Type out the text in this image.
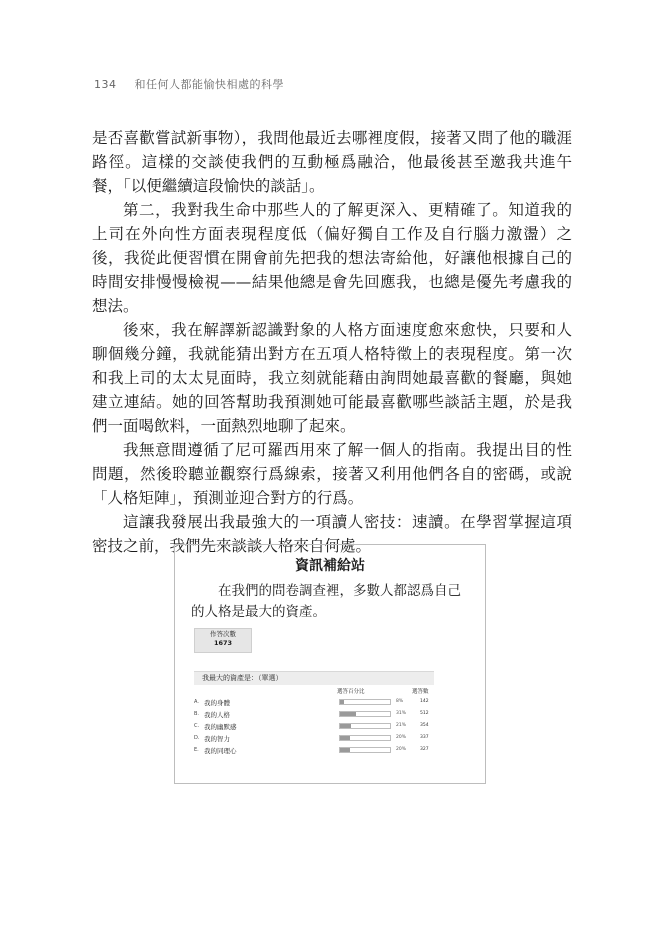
134 和任何人都能愉快相處的科學

是否喜歡嘗試新事物），我問他最近去哪裡度假，接著又問了他的職涯路徑。這樣的交談使我們的互動極爲融洽，他最後甚至邀我共進午餐，「以便繼續這段愉快的談話」。

第二，我對我生命中那些人的了解更深入、更精確了。知道我的上司在外向性方面表現程度低（偏好獨自工作及自行腦力激盪）之後，我從此便習慣在開會前先把我的想法寄給他，好讓他根據自己的時間安排慢慢檢視——結果他總是會先回應我，也總是優先考慮我的想法。

後來，我在解譯新認識對象的人格方面速度愈來愈快，只要和人聊個幾分鐘，我就能猜出對方在五項人格特徵上的表現程度。第一次和我上司的太太見面時，我立刻就能藉由詢問她最喜歡的餐廳，與她建立連結。她的回答幫助我預測她可能最喜歡哪些談話主題，於是我們一面喝飲料，一面熱烈地聊了起來。

我無意間遵循了尼可羅西用來了解一個人的指南。我提出目的性問題，然後聆聽並觀察行爲線索，接著又利用他們各自的密碼，或說「人格矩陣」，預測並迎合對方的行爲。

這讓我發展出我最強大的一項讀人密技：速讀。在學習掌握這項密技之前，我們先來談談人格來自何處。

資訊補給站

在我們的問卷調查裡，多數人都認爲自己的人格是最大的資產。

作答次數
1673
我最大的資產是：（單選）
選答百分比	選答數
A. 我的身體	8%	142
B. 我的人格	31%	512
C. 我的幽默感	21%	354
D. 我的智力	20%	337
E. 我的同理心	20%	327
